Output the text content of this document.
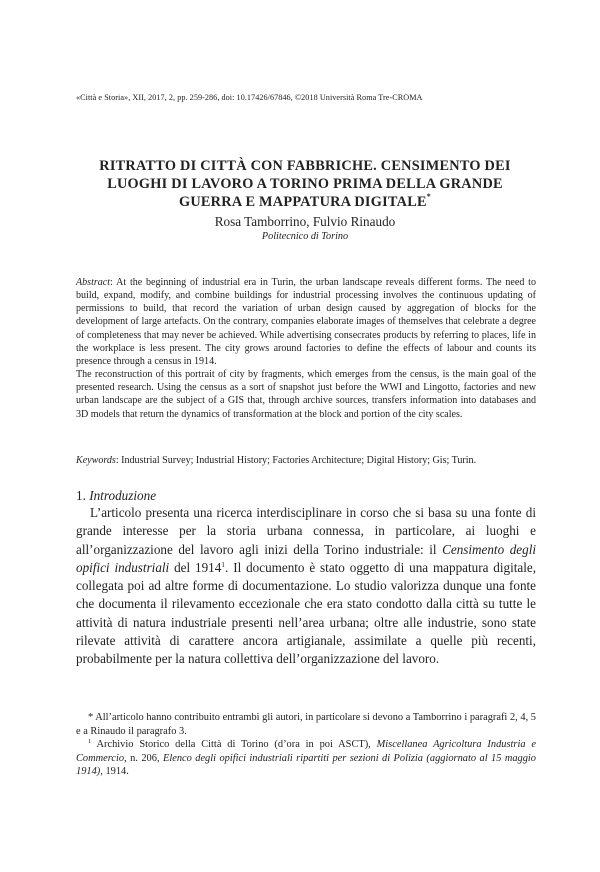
«Città e Storia», XII, 2017, 2, pp. 259-286, doi: 10.17426/67846, ©2018 Università Roma Tre-CROMA
RITRATTO DI CITTÀ CON FABBRICHE. CENSIMENTO DEI LUOGHI DI LAVORO A TORINO PRIMA DELLA GRANDE GUERRA E MAPPATURA DIGITALE*
Rosa Tamborrino, Fulvio Rinaudo
Politecnico di Torino

Abstract: At the beginning of industrial era in Turin, the urban landscape reveals different forms. The need to build, expand, modify, and combine buildings for industrial processing involves the continuous updating of permissions to build, that record the variation of urban design caused by aggregation of blocks for the development of large artefacts. On the contrary, companies elaborate images of themselves that celebrate a degree of completeness that may never be achieved. While advertising consecrates products by referring to places, life in the workplace is less present. The city grows around factories to define the effects of labour and counts its presence through a census in 1914.
The reconstruction of this portrait of city by fragments, which emerges from the census, is the main goal of the presented research. Using the census as a sort of snapshot just before the WWI and Lingotto, factories and new urban landscape are the subject of a GIS that, through archive sources, transfers information into databases and 3D models that return the dynamics of transformation at the block and portion of the city scales.

Keywords: Industrial Survey; Industrial History; Factories Architecture; Digital History; Gis; Turin.

1. Introduzione

L’articolo presenta una ricerca interdisciplinare in corso che si basa su una fonte di grande interesse per la storia urbana connessa, in particolare, ai luoghi e all’organizzazione del lavoro agli inizi della Torino industriale: il Censimento degli opifici industriali del 1914$^1$. Il documento è stato oggetto di una mappatura digitale, collegata poi ad altre forme di documentazione. Lo studio valorizza dunque una fonte che documenta il rilevamento eccezionale che era stato condotto dalla città su tutte le attività di natura industriale presenti nell’area urbana; oltre alle industrie, sono state rilevate attività di carattere ancora artigianale, assimilate a quelle più recenti, probabilmente per la natura collettiva dell’organizzazione del lavoro.

* All’articolo hanno contribuito entrambi gli autori, in particolare si devono a Tamborrino i paragrafi 2, 4, 5 e a Rinaudo il paragrafo 3.

$^1$ Archivio Storico della Città di Torino (d’ora in poi ASCT), Miscellanea Agricoltura Industria e Commercio, n. 206, Elenco degli opifici industriali ripartiti per sezioni di Polizia (aggiornato al 15 maggio 1914), 1914.
